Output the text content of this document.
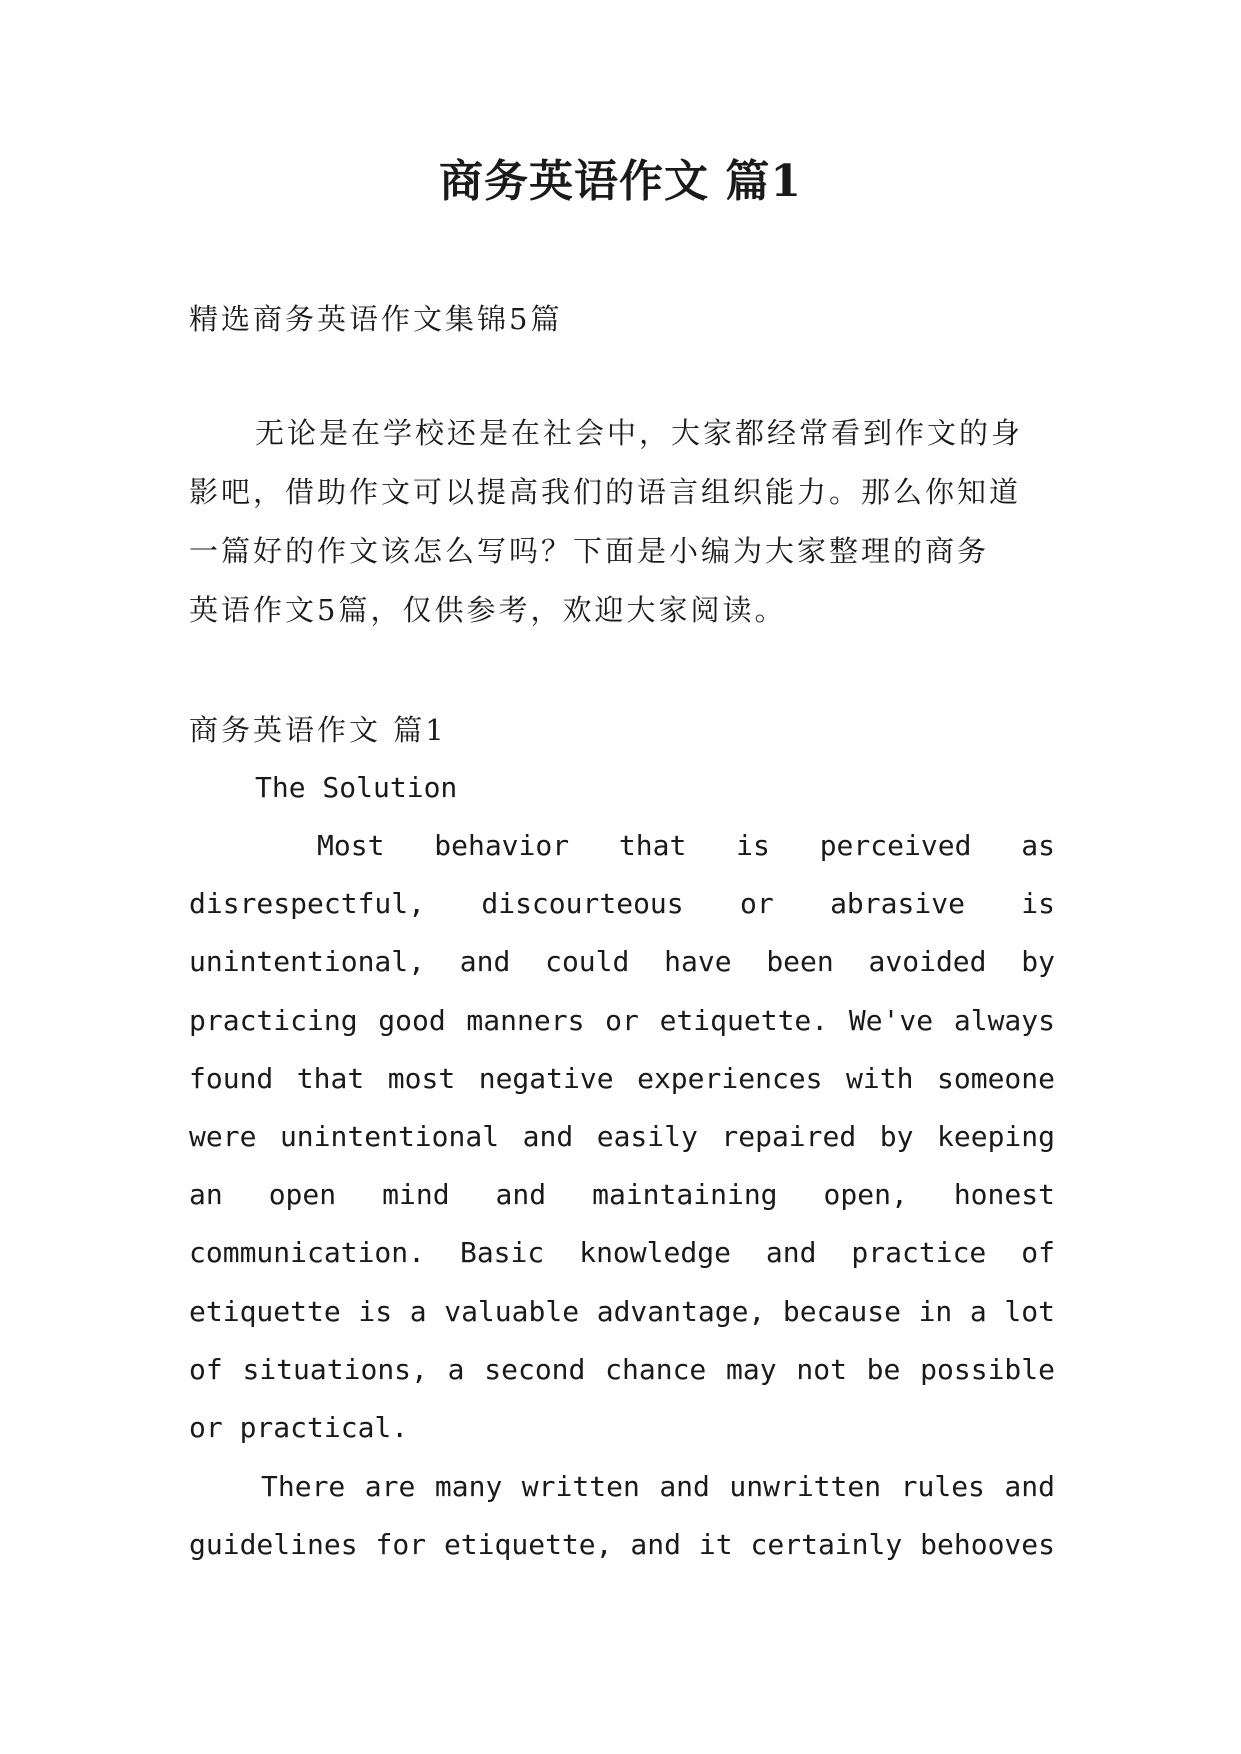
商务英语作文 篇1
精选商务英语作文集锦5篇
无论是在学校还是在社会中，大家都经常看到作文的身
影吧，借助作文可以提高我们的语言组织能力。那么你知道
一篇好的作文该怎么写吗？下面是小编为大家整理的商务
英语作文5篇，仅供参考，欢迎大家阅读。
商务英语作文 篇1
The Solution
Most behavior that is perceived as
disrespectful, discourteous or abrasive is
unintentional, and could have been avoided by
practicing good manners or etiquette. We've always
found that most negative experiences with someone
were unintentional and easily repaired by keeping
an open mind and maintaining open, honest
communication. Basic knowledge and practice of
etiquette is a valuable advantage, because in a lot
of situations, a second chance may not be possible
or practical.
There are many written and unwritten rules and
guidelines for etiquette, and it certainly behooves
